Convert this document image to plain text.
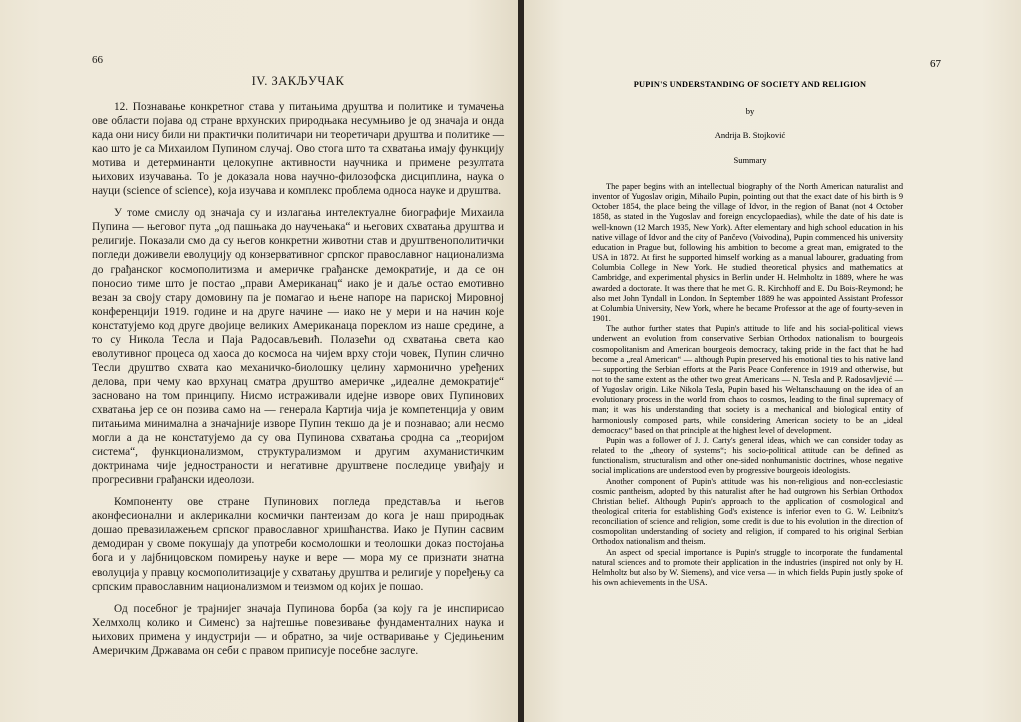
66
IV. ЗАКЉУЧАК

12. Познавање конкретног става у питањима друштва и политике и тумачења ове области појава од стране врхунских природњака несумњиво је од значаја и онда када они нису били ни практички политичари ни теоретичари друштва и политике — као што је са Михаилом Пупином случај. Ово стога што та схватања имају функцију мотива и детерминанти целокупне активности научника и примене резултата њихових изучавања. То је доказала нова научно-филозофска дисциплина, наука о науци (science of science), која изучава и комплекс проблема односа науке и друштва.

У томе смислу од значаја су и излагања интелектуалне биографије Михаила Пупина — његовог пута „од пашњака до научењака“ и његових схватања друштва и религије. Показали смо да су његов конкретни животни став и друштвенополитички погледи доживели еволуцију од конзервативног српског православног национализма до грађанског космополитизма и америчке грађанске демократије, и да се он поносио тиме што је постао „прави Американац“ иако је и даље остао емотивно везан за своју стару домовину па је помагао и њене напоре на париској Мировној конференцији 1919. године и на друге начине — иако не у мери и на начин које констатујемо код друге двојице великих Американаца пореклом из наше средине, а то су Никола Тесла и Паја Радосављевић. Полазећи од схватања света као еволутивног процеса од хаоса до космоса на чијем врху стоји човек, Пупин слично Тесли друштво схвата као механичко-биолошку целину хармонично уређених делова, при чему као врхунац сматра друштво америчке „идеалне демократије“ засновано на том принципу. Нисмо истраживали идејне изворе ових Пупинових схватања јер се он позива само на — генерала Картија чија је компетенција у овим питањима минимална а значајније изворе Пупин текшо да је и познавао; али несмо могли а да не констатујемо да су ова Пупинова схватања сродна са „теоријом система“, функционализмом, структурализмом и другим ахуманистичким доктринама чије једностраности и негативне друштвене последице увиђају и прогресивни грађански идеолози.

Компоненту ове стране Пупинових погледа представља и његов аконфесионални и аклерикални космички пантеизам до кога је наш природњак дошао превазилажењем српског православног хришћанства. Иако је Пупин сасвим демодиран у своме покушају да употреби космолошки и теолошки доказ постојања бога и у лајбницовском помирењу науке и вере — мора му се признати знатна еволуција у правцу космополитизације у схватању друштва и религије у поређењу са српским православним национализмом и теизмом од којих је пошао.

Од посебног је трајнијег значаја Пупинова борба (за коју га је инспирисао Хелмхолц колико и Сименс) за најтешње повезивање фундаменталних наука и њихових примена у индустрији — и обратно, за чије остваривање у Сједињеним Америчким Државама он себи с правом приписује посебне заслуге.

67
PUPIN'S UNDERSTANDING OF SOCIETY AND RELIGION
by
Andrija B. Stojković
Summary

The paper begins with an intellectual biography of the North American naturalist and inventor of Yugoslav origin, Mihailo Pupin, pointing out that the exact date of his birth is 9 October 1854, the place being the village of Idvor, in the region of Banat (not 4 October 1858, as stated in the Yugoslav and foreign encyclopaedias), while the date of his date is well-known (12 March 1935, New York). After elementary and high school education in his native village of Idvor and the city of Pančevo (Voivodina), Pupin commenced his university education in Prague but, following his ambition to become a great man, emigrated to the USA in 1872. At first he supported himself working as a manual labourer, graduating from Columbia College in New York. He studied theoretical physics and mathematics at Cambridge, and experimental physics in Berlin under H. Helmholtz in 1889, where he was awarded a doctorate. It was there that he met G. R. Kirchhoff and E. Du Bois-Reymond; he also met John Tyndall in London. In September 1889 he was appointed Assistant Professor at Columbia University, New York, where he became Professor at the age of fourty-seven in 1901.

The author further states that Pupin's attitude to life and his social-political views underwent an evolution from conservative Serbian Orthodox nationalism to bourgeois cosmopolitanism and American bourgeois democracy, taking pride in the fact that he had become a „real American“ — although Pupin preserved his emotional ties to his native land — supporting the Serbian efforts at the Paris Peace Conference in 1919 and otherwise, but not to the same extent as the other two great Americans — N. Tesla and P. Radosavljević — of Yugoslav origin. Like Nikola Tesla, Pupin based his Weltanschauung on the idea of an evolutionary process in the world from chaos to cosmos, leading to the final supremacy of man; it was his understanding that society is a mechanical and biological entity of harmoniously composed parts, while considering American society to be an „ideal democracy“ based on that principle at the highest level of development.

Pupin was a follower of J. J. Carty's general ideas, which we can consider today as related to the „theory of systems“; his socio-political attitude can be defined as functionalism, structuralism and other one-sided nonhumanistic doctrines, whose negative social implications are understood even by progressive bourgeois ideologists.

Another component of Pupin's attitude was his non-religious and non-ecclesiastic cosmic pantheism, adopted by this naturalist after he had outgrown his Serbian Orthodox Christian belief. Although Pupin's approach to the application of cosmological and theological criteria for establishing God's existence is inferior even to G. W. Leibnitz's reconciliation of science and religion, some credit is due to his evolution in the direction of cosmopolitan understanding of society and religion, if compared to his original Serbian Orthodox nationalism and theism.

An aspect od special importance is Pupin's struggle to incorporate the fundamental natural sciences and to promote their application in the industries (inspired not only by H. Helmholtz but also by W. Siemens), and vice versa — in which fields Pupin justly spoke of his own achievements in the USA.
